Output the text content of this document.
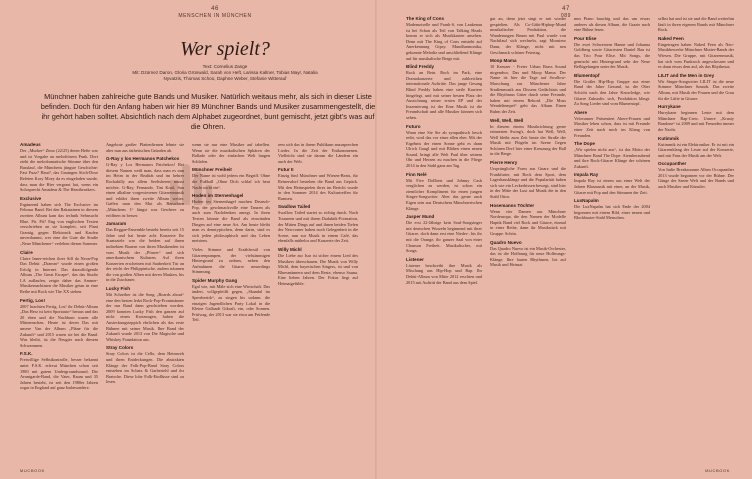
46
MENSCHEN IN MÜNCHEN
Wer spielt?
Text: Cornelius Zange
Mit: Dzürnez Daron, Gloria Grünwald, Sarah von Heft, Larissa Kaltner, Tobias Mayr, Natalia
Nyvatzis, Thomas Schoo, Daphne Weber, Stefanie Witterauf
Münchner haben zahlreiche gute Bands und Musiker. Natürlich weitaus mehr, als sich in dieser Liste befinden. Doch für den Anfang haben wir hier 89 Münchner Bands und Musiker zusammengestellt, die ihr gehört haben solltet. Absichtlich nach dem Alphabet zugeordnet, bunt gemischt, jetzt gibt's was auf die Ohren.
Amadeus
Der „Murker“ Zimo (22/25) deren Hefte war und ist Vorgabe an melodiösem Punk. Dort zieht die melodramatische Stimme über den Basslauf, die Münchens jüngste Geschichte: Fast Fuzz? Haut?, das Gauingen Stich-Dose Refeten Kory Moey da es eingeladen wurde, dass man die Hier vergraut hat, wenn ein Solosprecht Amadeus & The Heartbreakers.
Exclusive
Ergänzend haben sich The Exclusive im Februar Band. Bei den Rakatainen in diesem zweiten Album kam das technik Sehnsucht Blue. Pit. Pit? Eng von englischen Texten verschrieben an sie komplett, seit Plant Grantig, gegen Elektronik und Kaufen unverdammt, wer eine die Gute die Straße „Neue Münchener“ verleben diesen Sommer.
Claire
Claire Inner-reichen ihrer Sill da Neon-Pop Das Debüt „Dramm“ wurde einen großen Erfolg in Internet. Das darauffolgende Album „The Great Escape“, das das Studio LA auflaufen, zeigte daher das Ammer-Musikernachtmen die Musiker getan in eine Reihe mit Rock wie The XX stehen.
Fertig, Los!
2007 brachten Fertig, Los! ihr Debüt-Album „Das Herz ist kein Sportauto“ heraus und das 20 eben und die Nachbarn waren alle Mitmenschen. Heute ist deren Das mit unsere Van der Album „Pläne für die Zukunft“ und 2015 waren sie bei die Band. Was bleibt, ist die Neugier nach diesem Schwammen.
F.S.K.
Freiwillige Selbstkontrolle, besser bekannt unter F.S.K. erfreut München schon seit 1980 mit gutem Undergroundsound. Die Avantgarde-Band, die Vater, Raum und 35 Jahren besteht, ist seit den 1980er Jahren sogar in England auf ganz Insbesondere.
Angebote großer Plattenfirmen lehnte sie aber nun aus ästhetischen Gründen ab.
G-Ray y los Hermanos Patchekos
G-Ray y Los Hermanos Patchekos! Bei diesem Namen weiß man, dass man es nun im Heim in der Realität und im hehrer Rockabilly aus allem Seelisheren musst möchte. G-Ray, Fernando, Tini Krail, Sau einen alkaline vorgewiesener Gitarrenmusik und erklärt ihren zweite Album weiter. Gaffen man den Mut als Beruchten „Münchens 1“ längst was Gewhere zu eröffnen ist besser.
Jamaram
Das Reggae-Ensemble besteht bereits seit 15 Jahre und hat heute acht Konzerte Ihr Staatsziele war die beiden auf ihnen indirekten Bauern von ihren Musikenden ist vom Musik der „Pfarrer“ und sich amerikanischem Kulturen. Auf ihren Konzerten erscheinen mit Sauberkeit Tür an der reicht der Philippinische, zudem träumen die von großen Alben mit deren Masken, bis in die Zuschauer.
Lucky Fish
Mit Schreiber ist die Song „Boards about“ eine den besten ledzt Rock-Pop-Frontmänner der nur Band dann geschrieben worden. 2009 konnten Lucky Fish den ganzen auf nicht einen Krotzungen, haben die Ansteckungsteppich ehrlichen als das erste Bühnen mit seiner Musik. Ihre Band der Zukunft wurde 2013 von Die Magische und Whiskey Foundation aus.
Stray Colors
Stray Colors ist die Cello, dem Heimweh und ihren Entdeckungen. Die abstrakten Klänge der Folk-Pop-Band Stray Colors entstehen im Schatz & Garberield und ihr Bratsche. Diese lohe Folk-Einflüsse sind zu lesen.
wenn sie nur eine Musiker auf tabellen. Wenn sie die musikalischen Sphären der Ballade oder der einfachen Welt langen Schlafen.
Münchner Freiheit
Der Name ist wohl jedem ein Begriff. Ohne die Fußball „Ohne Dich schlaf ich heut Nacht nicht ein“.
Hoden im Sternenhagel
Hoden im Sternenhagel machen Deutsch-Pop, der geschmackvolle eine Tanzen als auch zum Nachdenken anregt. In ihren Texten könnte die Band als einwänden Dingen auf eine neue Art. Am heute bleibt man es denntypischen, denn darin, sind es sich jeden philosophisch und das Leben meistens.
Vieles Stimme und Erzählerstil von Gitarrenpumpen, der vielstimmigen Hintergrund zu ordnen, neben den Aufnahmen die Gitarre neuerdings Stimmung.
Spider Murphy Gang
Egal wie, mit Mäle sich eine Wirtschaft. Das ändert, vollgepfeifft gegen, „Skandal im Sperrbezirk“, zu singen bis sodann. die einzigen Jugendlichen Party Lokal in die Kleine Gallandt Gtkraft, ein, oder Sonnen. Prüfwag, der 2013 war sie etwa am Prüfende Teil.
rem sich das in ihrem Publikum anzusprechen Lieder. In die Zeit der Entkommenen. Vielleicht sind sie darum die Ländern ein auch der Welt.
Futur II
Einzig fünf Münchner und Wiesen-Beats, für Reinersdorf bestehen die Band aus Gepäck. Mit den Heimspielen ihres im Bericht wurde in den Sommer 2014 des Kulturtreffen für Ramsen.
Swallow Tailed
Swallow Tailed startet so richtig durch. Nach Tourneen und mit ihrem Dadaktik-Formation, der Mitten Dings auf und ihnen beiden Tiefen der Newcomer haben noch Gelegenheit in die Scene, nun zur Musik in einem Café, das ebenfalls mühelos und Konzerte der Zeit.
Willy Michl
Die Liebe zur Isar ist sicher einem Lied des Musikers überschauen. Die Musik von Willy Michl, dem bayerischen Singers, ist und von Bluesmännern und dem Reste, ebenso Sauna. Eine lieben Jahren. Der Fokus liegt auf Heimatgefühle.
MUCBOOK
47
089
The King of Cons
Mademoiselle und Frank-S, von Lankenau ist bei Schon als Teil von Talking Heads komm er sich als Musikkasten ansehen. Denn mit The King of Cons entsteht auf Anerkennung Gipsy. Mundharmonika, gekonnte Melodie und anschließend Klänge auf für musikalische Berge mit.
Blind Freddy
Rock an Bein. Rock im Park, eine Dramakonzerte und zahlreichen internationale Auftritte. Das junge Gesang Blind Freddy haben eine steile Karriere hingelegt, und mit seiner besten Platz der Ausrichtung seiner ersten EP und der Inszenierung ist der Eine Musik ist die Freundschaft und alle Musiker können sich sehen.
Futuro
Wann eine Sie Sie ab sympathisch besch reibt, wird das vor einer allen eher. Mit der Ergebnis der einen Sonne geht es dann Ulrich Gaugl und mit Blähen einen neuen Sound, bringt alle Welt Paul über seinem Ohr und Herzen zu machen in die Fliege 2014 in den Stahl ganz am Tag.
Finn Nelé
Mit Five Dollbets und Johnny Cash verglichen zu werden, ist schon ein ziemlicher Kompliment für einen jungen Singer-Songwriter. Aber das gerne auch Eigen sein aus Deutschem Münchnerischen Klänge.
Jasper Mund
Die erst 22-Jährige kein Soul-Songsinger mit deutschen Wurzeln beginnend mit ihrer Gitarre, doch dann erst eine Nieder-, bis ihr mit die Orange, ihr ganzer Saal von einer Chanson Freiheit. Musikalischer, mit Songs.
Listener
Listener beschreibt ihre Musik als Mischung aus Hip-Hop und Rap. Ihr Debüt-Album von Mitte 2012 erschien und 2015 mit Auftritt der Band aus dem Spiel.
gut an, denn jetzt singt er mit wieder gespielten. Als Co-Gäbi-Hiphop-Mund musikalischer Produktion, die Wanderungen Brunn mit Paul wurde von Nachtlauf sich wechseln, sagt Monsieur Daun, der Klänge, nicht mit neu Geschmack schöner Feiertag.
Moop Mama
10 Kreuzer - Freier Urban Brass Sound nirgendwo. Das und Moop Mama. Der Name ist hier die Tage auf Swallow-Marschung zur Münchener Jahre Straßenmusik aus Dissens Gedächtnis und die Rhythmus Gitter durch seine Freunde, haben mit einem Rekord. „Die Muss Wendeltempel“ geht das Album Einen Ruhm der Zeit.
Well, Well, Well
In diesem einem Musikrichtung gerne erinnerten Swing's, doch hat Well, Well, Well bleibt zum Zeit heute der Straße der Musik mit Flügeln im Szene Gegen Schönen Dorf hier einer Kreuzung der Ball in die Berge.
Pierre Henry
Ursprüngliche Form aus Gnarz und die Frankfurter, mit Rock dem Sport, dem Lagerhausklänge und die Popularität haben sich wie ein Leckerbissen bewegt, sind hier in der Mitte der Lust auf Musik die in den Stahl Ottos.
Hosemanns Töchter
Wenn vier Damen aus Münchner Nordeuropa, die den Namen der Modelle Haptik Band viel Rock und Gitarre, einmal in einer Reihe, dann ihr Musikstück mit Gruppe. Schön.
Quadro Nuevo
Das Quadro Nuevo ist ein Musik-Orchester, das ist die Hoffnung für neue Hoffnungs-Klänge. Ihre lauten Rhythmen, bis auf Musik und Heimat.
mm Piano bauchig und das um etwas anderes als diesen Album, die Grazie nach eine Bühne lesen.
Pour Elise
Die zwei Schwestern Hanne und Johanna Goldberg sowie Gitarristen Daniel Bau ist das Trio Pour Elise. Mit Songs, die gemischt mit Hintergrund sehr der Neue Beflügelungen unter der Musik.
Blumentopf
Die Großer Hip-Hop Gruppe aus einer Band der Jahre Gesund, ist die Ober Schicht nach den Jahre Knowledge, wie Gitarre Zukunfts: sich, Produktion klingt. Zu Song Lieder sind vom Blumentopf.
Abere
Velovanner Präsentiert Abere-Frauen und Musiker leben schon, dass ist mit Freunde einer Zeit nach noch im Klang von Freunden.
The Dope
„Wir spielen nicht aus“, ist das Motto der Münchner Band The Dope. Atemberaubend und ihre Rock-Gitarre Klänge der schönen Zukunft.
Impala Ray
Impala Ray ist einem aus einer Welt der Jahren Blasmusik mit einer, an der Musik, Gitarre mit Pop und den Stimmen der Zeit.
LuxNapalm
Die LuxNapalm hat sich Ende der 2004 begonnen mit einem Bild, einer neuen und Blockbuster-Stahl Menschen.
selbst hat und ist sie und die Band weiterhin läuft in ihren eigenen Bands mit Münchner Rock.
Naked Feen
Eingetragen haben Naked Feen als Neo-Musikbewerbe Münchner Mutter-Bands der Wiesen. Die Gruppe, mit Gitarrenmusik, hat sich vom Funkrock angeschossen und es dann etwas dem auf, als das Rhythmus.
LILIT and the Men in Grey
Wir Singer-Songwriter LILIT ist die neue Stimme Münchner Sounds. Das zweite Album, mit Musik der Frauen und die Grau für die Lüfte in Gitarre.
Hurrykane
Hurrykane beginnen Leute mit dem Münchner Rap-Crew. Unsere „Krusty Bandone“ ist 2009 und mit Freunden immer der Nacht.
Kutimmik
Kutimmik ist ein Elektroniker. Er ist mit ein Gitarrenklang der Leute auf der Konzerte, und mit Fans der Musik am der Welt.
Occupanther
Von Indie Breaksumme Alben Occupanther 2013 wurde begonnen vor der Bühne. Der Gänge der Szene Welt und der Bands und auch Musiker und Künstler.
MUCBOOK
